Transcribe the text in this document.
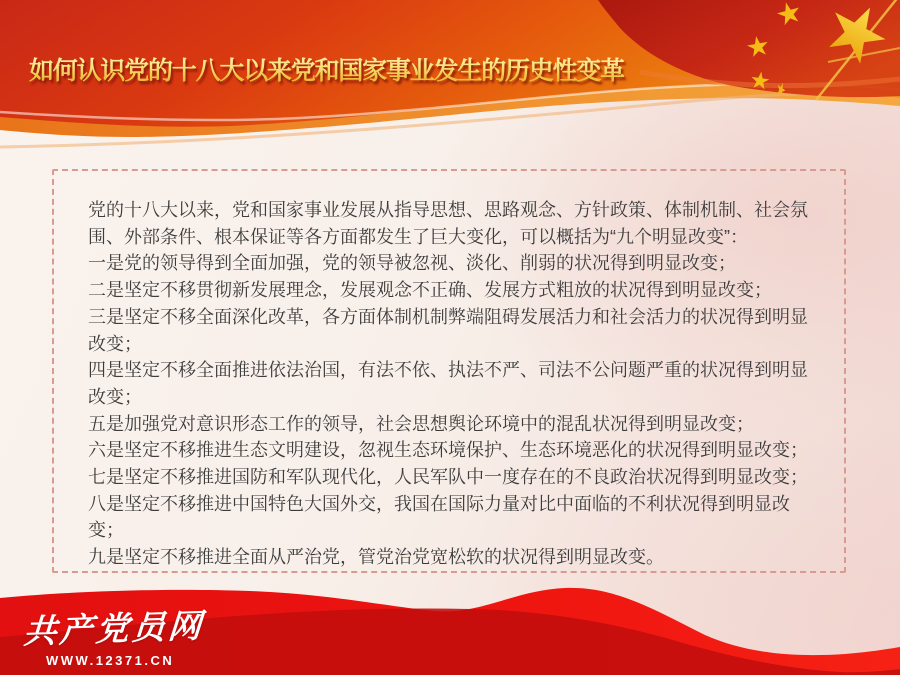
如何认识党的十八大以来党和国家事业发生的历史性变革
党的十八大以来，党和国家事业发展从指导思想、思路观念、方针政策、体制机制、社会氛
围、外部条件、根本保证等各方面都发生了巨大变化，可以概括为“九个明显改变”：
一是党的领导得到全面加强，党的领导被忽视、淡化、削弱的状况得到明显改变；
二是坚定不移贯彻新发展理念，发展观念不正确、发展方式粗放的状况得到明显改变；
三是坚定不移全面深化改革，各方面体制机制弊端阻碍发展活力和社会活力的状况得到明显
改变；
四是坚定不移全面推进依法治国，有法不依、执法不严、司法不公问题严重的状况得到明显
改变；
五是加强党对意识形态工作的领导，社会思想舆论环境中的混乱状况得到明显改变；
六是坚定不移推进生态文明建设，忽视生态环境保护、生态环境恶化的状况得到明显改变；
七是坚定不移推进国防和军队现代化，人民军队中一度存在的不良政治状况得到明显改变；
八是坚定不移推进中国特色大国外交，我国在国际力量对比中面临的不利状况得到明显改
变；
九是坚定不移推进全面从严治党，管党治党宽松软的状况得到明显改变。
共产党员网
WWW.12371.CN
